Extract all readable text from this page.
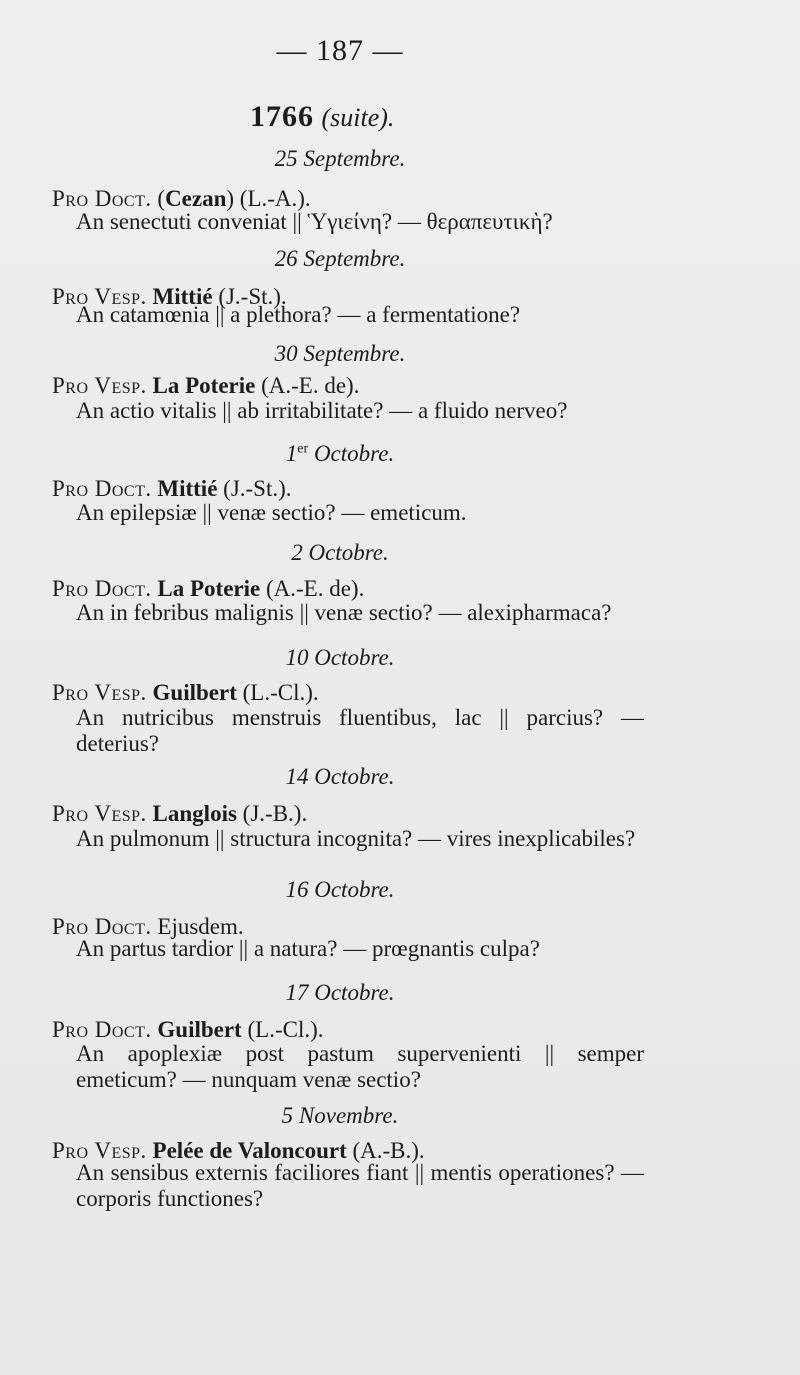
— 187 —
1766 (suite).
25 Septembre.
Pro Doct. (Cezan) (L.-A.).
An senectuti conveniat || Ὑγιείνη? — θεραπευτικὴ?
26 Septembre.
Pro Vesp. Mittié (J.-St.).
An catamœnia || a plethora? — a fermentatione?
30 Septembre.
Pro Vesp. La Poterie (A.-E. de).
An actio vitalis || ab irritabilitate? — a fluido nerveo?
1er Octobre.
Pro Doct. Mittié (J.-St.).
An epilepsiæ || venæ sectio? — emeticum.
2 Octobre.
Pro Doct. La Poterie (A.-E. de).
An in febribus malignis || venæ sectio? — alexipharmaca?
10 Octobre.
Pro Vesp. Guilbert (L.-Cl.).
An nutricibus menstruis fluentibus, lac || parcius? — deterius?
14 Octobre.
Pro Vesp. Langlois (J.-B.).
An pulmonum || structura incognita? — vires inexplicabiles?
16 Octobre.
Pro Doct. Ejusdem.
An partus tardior || a natura? — prœgnantis culpa?
17 Octobre.
Pro Doct. Guilbert (L.-Cl.).
An apoplexiæ post pastum supervenienti || semper emeticum? — nunquam venæ sectio?
5 Novembre.
Pro Vesp. Pelée de Valoncourt (A.-B.).
An sensibus externis faciliores fiant || mentis operationes? — corporis functiones?
